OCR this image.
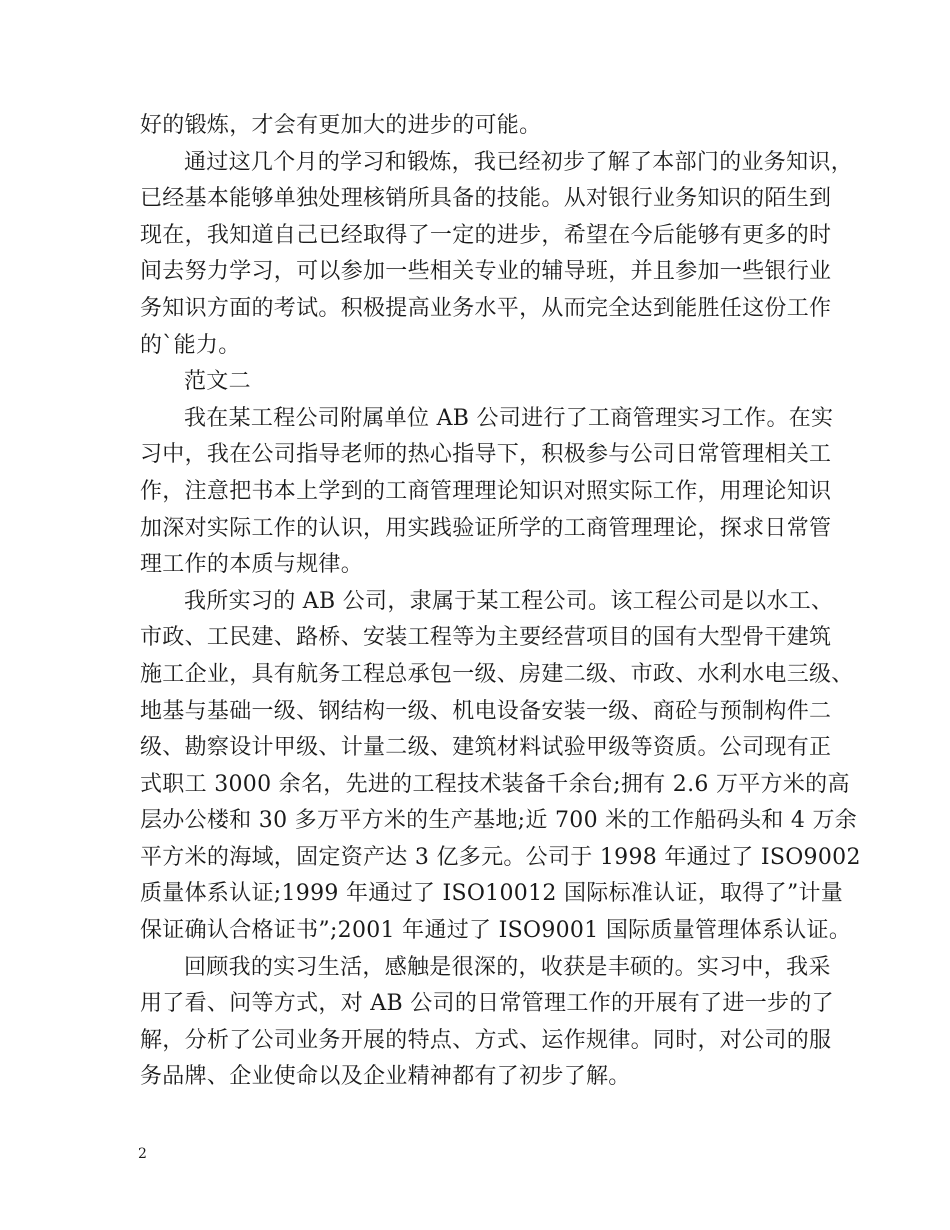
好的锻炼，才会有更加大的进步的可能。
通过这几个月的学习和锻炼，我已经初步了解了本部门的业务知识，
已经基本能够单独处理核销所具备的技能。从对银行业务知识的陌生到
现在，我知道自己已经取得了一定的进步，希望在今后能够有更多的时
间去努力学习，可以参加一些相关专业的辅导班，并且参加一些银行业
务知识方面的考试。积极提高业务水平，从而完全达到能胜任这份工作
的`能力。
范文二
我在某工程公司附属单位 AB 公司进行了工商管理实习工作。在实
习中，我在公司指导老师的热心指导下，积极参与公司日常管理相关工
作，注意把书本上学到的工商管理理论知识对照实际工作，用理论知识
加深对实际工作的认识，用实践验证所学的工商管理理论，探求日常管
理工作的本质与规律。
我所实习的 AB 公司，隶属于某工程公司。该工程公司是以水工、
市政、工民建、路桥、安装工程等为主要经营项目的国有大型骨干建筑
施工企业，具有航务工程总承包一级、房建二级、市政、水利水电三级、
地基与基础一级、钢结构一级、机电设备安装一级、商砼与预制构件二
级、勘察设计甲级、计量二级、建筑材料试验甲级等资质。公司现有正
式职工 3000 余名，先进的工程技术装备千余台;拥有 2.6 万平方米的高
层办公楼和 30 多万平方米的生产基地;近 700 米的工作船码头和 4 万余
平方米的海域，固定资产达 3 亿多元。公司于 1998 年通过了 ISO9002
质量体系认证;1999 年通过了 ISO10012 国际标准认证，取得了”计量
保证确认合格证书”;2001 年通过了 ISO9001 国际质量管理体系认证。
回顾我的实习生活，感触是很深的，收获是丰硕的。实习中，我采
用了看、问等方式，对 AB 公司的日常管理工作的开展有了进一步的了
解，分析了公司业务开展的特点、方式、运作规律。同时，对公司的服
务品牌、企业使命以及企业精神都有了初步了解。
2
